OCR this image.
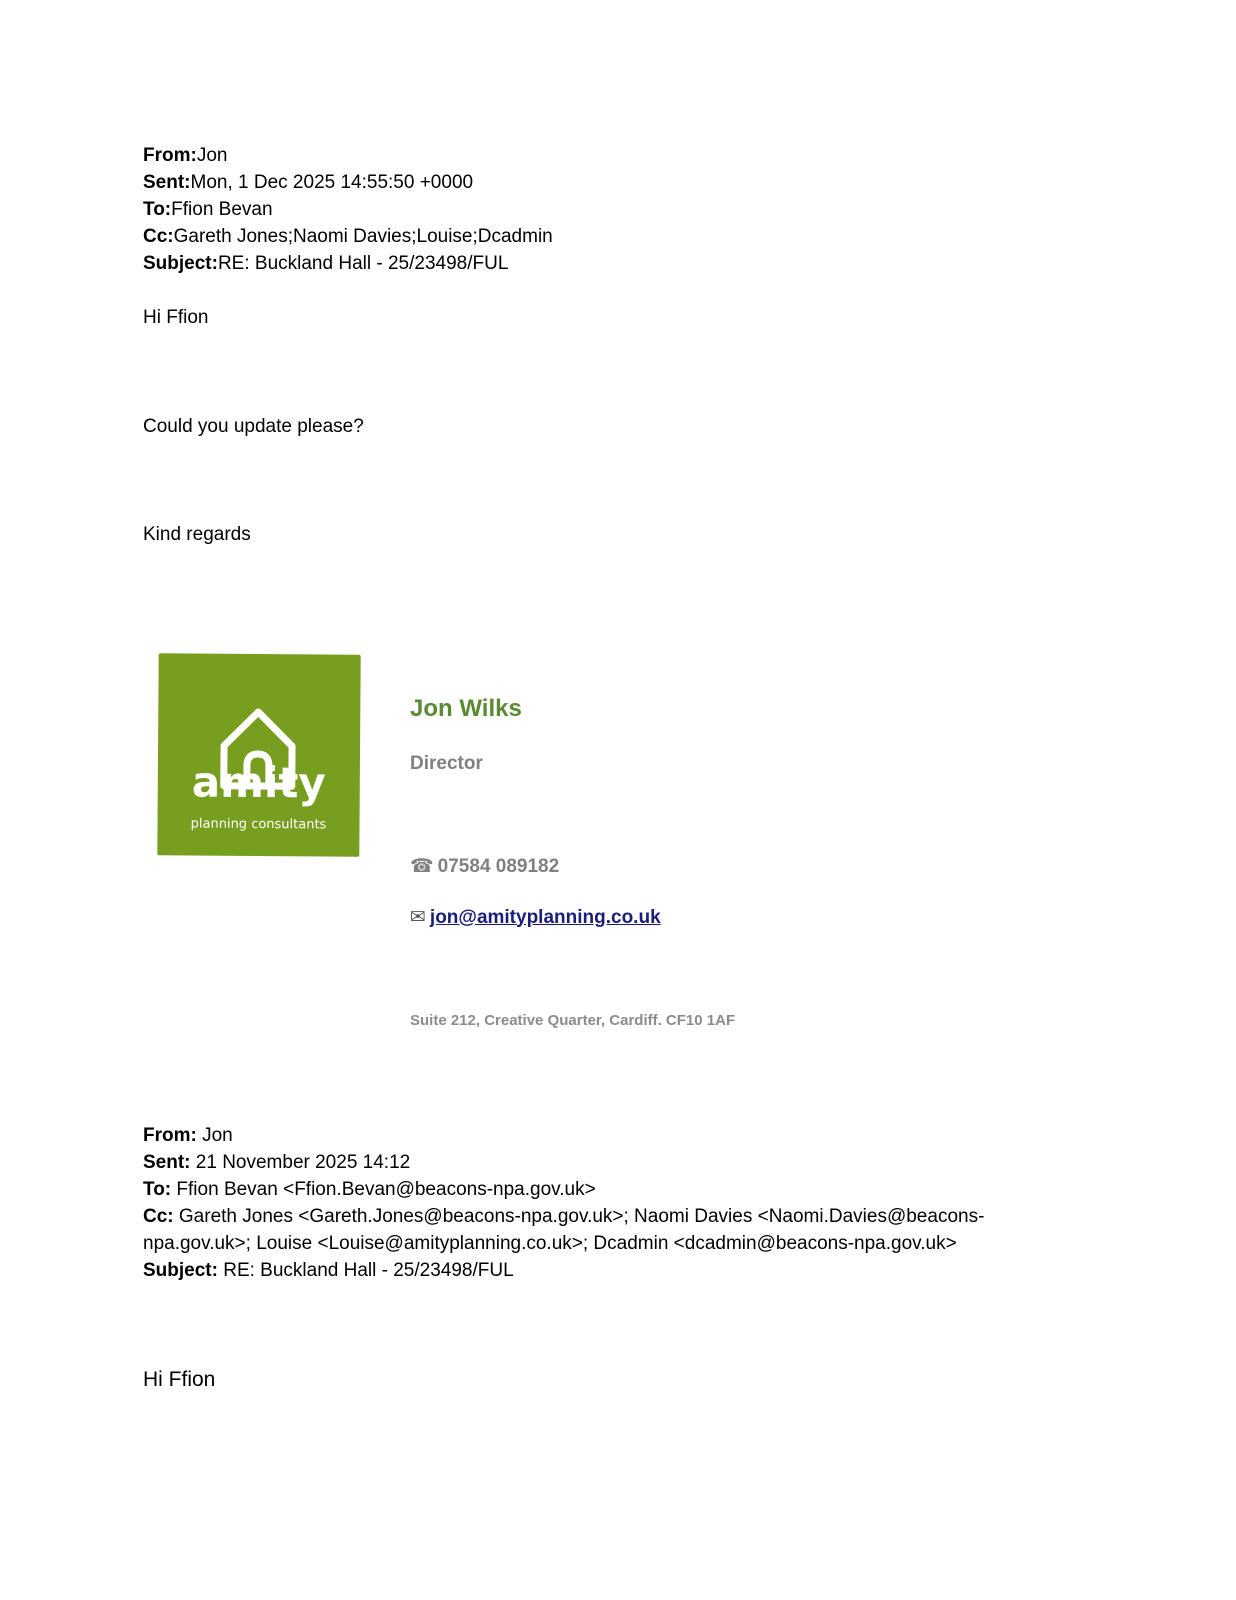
From:Jon
Sent:Mon, 1 Dec 2025 14:55:50 +0000
To:Ffion Bevan
Cc:Gareth Jones;Naomi Davies;Louise;Dcadmin
Subject:RE: Buckland Hall - 25/23498/FUL
Hi Ffion
Could you update please?
Kind regards
amity
planning consultants
Jon Wilks
Director
☎ 07584 089182
✉ jon@amityplanning.co.uk
Suite 212, Creative Quarter, Cardiff. CF10 1AF
From: Jon
Sent: 21 November 2025 14:12
To: Ffion Bevan <Ffion.Bevan@beacons-npa.gov.uk>
Cc: Gareth Jones <Gareth.Jones@beacons-npa.gov.uk>; Naomi Davies <Naomi.Davies@beacons-
npa.gov.uk>; Louise <Louise@amityplanning.co.uk>; Dcadmin <dcadmin@beacons-npa.gov.uk>
Subject: RE: Buckland Hall - 25/23498/FUL
Hi Ffion
